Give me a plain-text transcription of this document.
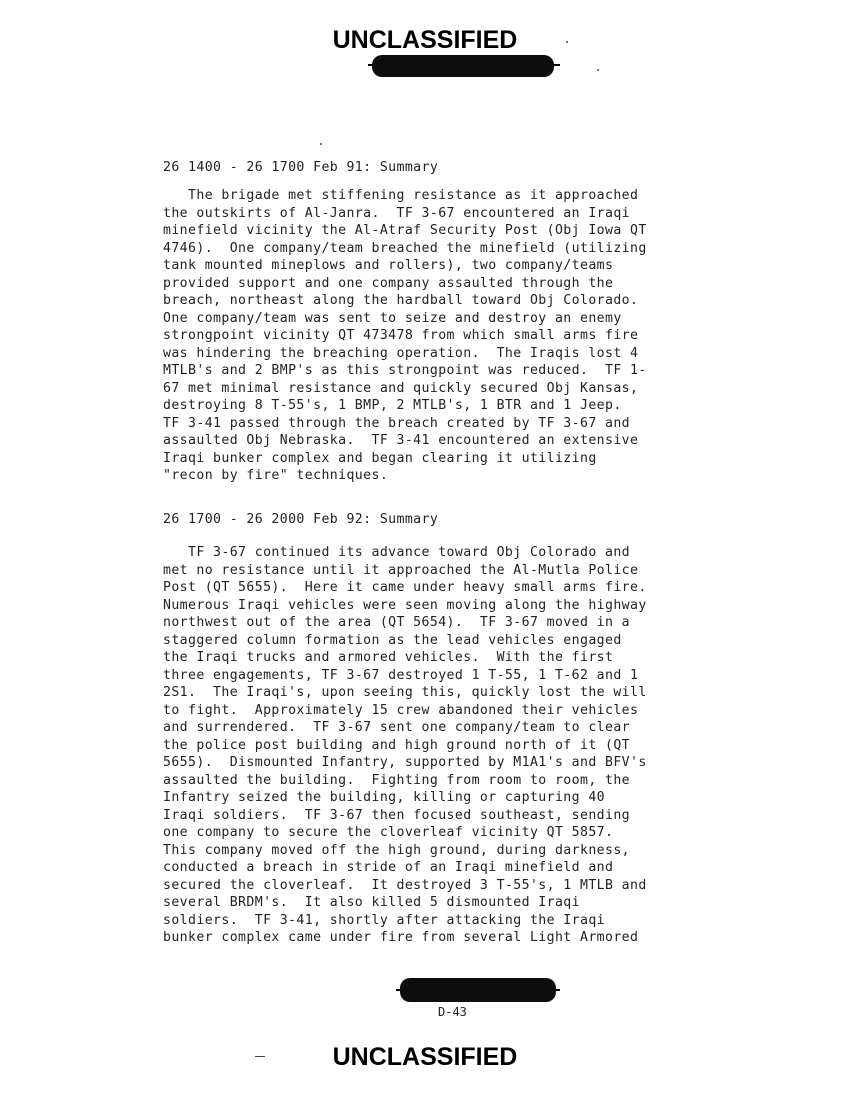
UNCLASSIFIED
26 1400 - 26 1700 Feb 91: Summary
The brigade met stiffening resistance as it approached
the outskirts of Al-Janra.  TF 3-67 encountered an Iraqi
minefield vicinity the Al-Atraf Security Post (Obj Iowa QT
4746).  One company/team breached the minefield (utilizing
tank mounted mineplows and rollers), two company/teams
provided support and one company assaulted through the
breach, northeast along the hardball toward Obj Colorado.
One company/team was sent to seize and destroy an enemy
strongpoint vicinity QT 473478 from which small arms fire
was hindering the breaching operation.  The Iraqis lost 4
MTLB's and 2 BMP's as this strongpoint was reduced.  TF 1-
67 met minimal resistance and quickly secured Obj Kansas,
destroying 8 T-55's, 1 BMP, 2 MTLB's, 1 BTR and 1 Jeep.
TF 3-41 passed through the breach created by TF 3-67 and
assaulted Obj Nebraska.  TF 3-41 encountered an extensive
Iraqi bunker complex and began clearing it utilizing
"recon by fire" techniques.
26 1700 - 26 2000 Feb 92: Summary
TF 3-67 continued its advance toward Obj Colorado and
met no resistance until it approached the Al-Mutla Police
Post (QT 5655).  Here it came under heavy small arms fire.
Numerous Iraqi vehicles were seen moving along the highway
northwest out of the area (QT 5654).  TF 3-67 moved in a
staggered column formation as the lead vehicles engaged
the Iraqi trucks and armored vehicles.  With the first
three engagements, TF 3-67 destroyed 1 T-55, 1 T-62 and 1
2S1.  The Iraqi's, upon seeing this, quickly lost the will
to fight.  Approximately 15 crew abandoned their vehicles
and surrendered.  TF 3-67 sent one company/team to clear
the police post building and high ground north of it (QT
5655).  Dismounted Infantry, supported by M1A1's and BFV's
assaulted the building.  Fighting from room to room, the
Infantry seized the building, killing or capturing 40
Iraqi soldiers.  TF 3-67 then focused southeast, sending
one company to secure the cloverleaf vicinity QT 5857.
This company moved off the high ground, during darkness,
conducted a breach in stride of an Iraqi minefield and
secured the cloverleaf.  It destroyed 3 T-55's, 1 MTLB and
several BRDM's.  It also killed 5 dismounted Iraqi
soldiers.  TF 3-41, shortly after attacking the Iraqi
bunker complex came under fire from several Light Armored
D-43
UNCLASSIFIED
